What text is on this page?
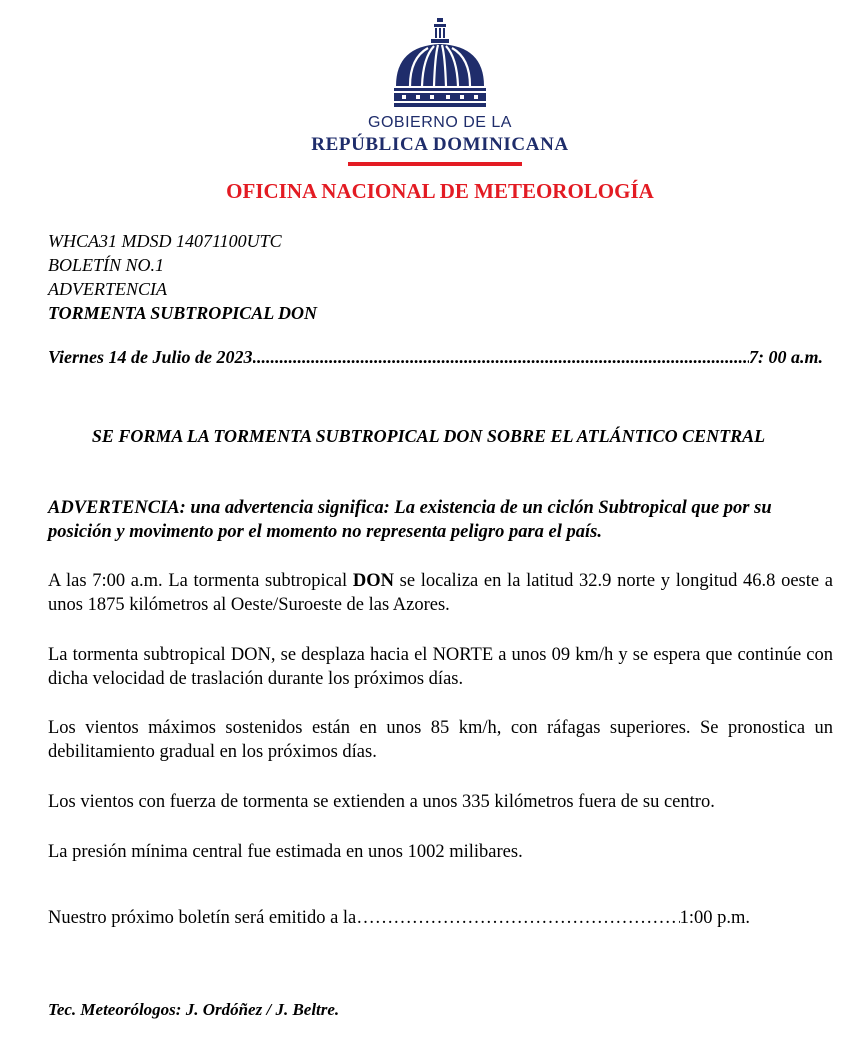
GOBIERNO DE LA
REPÚBLICA DOMINICANA
OFICINA NACIONAL DE METEOROLOGÍA
WHCA31 MDSD 14071100UTC
BOLETÍN NO.1
ADVERTENCIA
TORMENTA SUBTROPICAL DON
Viernes 14 de Julio de 2023 .....	7: 00 a.m.
SE FORMA LA TORMENTA SUBTROPICAL DON SOBRE EL ATLÁNTICO CENTRAL
ADVERTENCIA: una advertencia significa: La existencia de un ciclón Subtropical que por su posición y movimento por el momento no representa peligro para el país.
A las 7:00 a.m. La tormenta subtropical DON se localiza en la latitud 32.9 norte y longitud 46.8 oeste a unos 1875 kilómetros al Oeste/Suroeste de las Azores.
La tormenta subtropical DON, se desplaza hacia el NORTE a unos 09 km/h y se espera que continúe con dicha velocidad de traslación durante los próximos días.
Los vientos máximos sostenidos están en unos 85 km/h, con ráfagas superiores. Se pronostica un debilitamiento gradual en los próximos días.
Los vientos con fuerza de tormenta se extienden a unos 335 kilómetros fuera de su centro.
La presión mínima central fue estimada en unos 1002 milibares.
Nuestro próximo boletín será emitido a la ……………………………………………………………………	1:00 p.m.
Tec. Meteorólogos: J. Ordóñez / J. Beltre.
